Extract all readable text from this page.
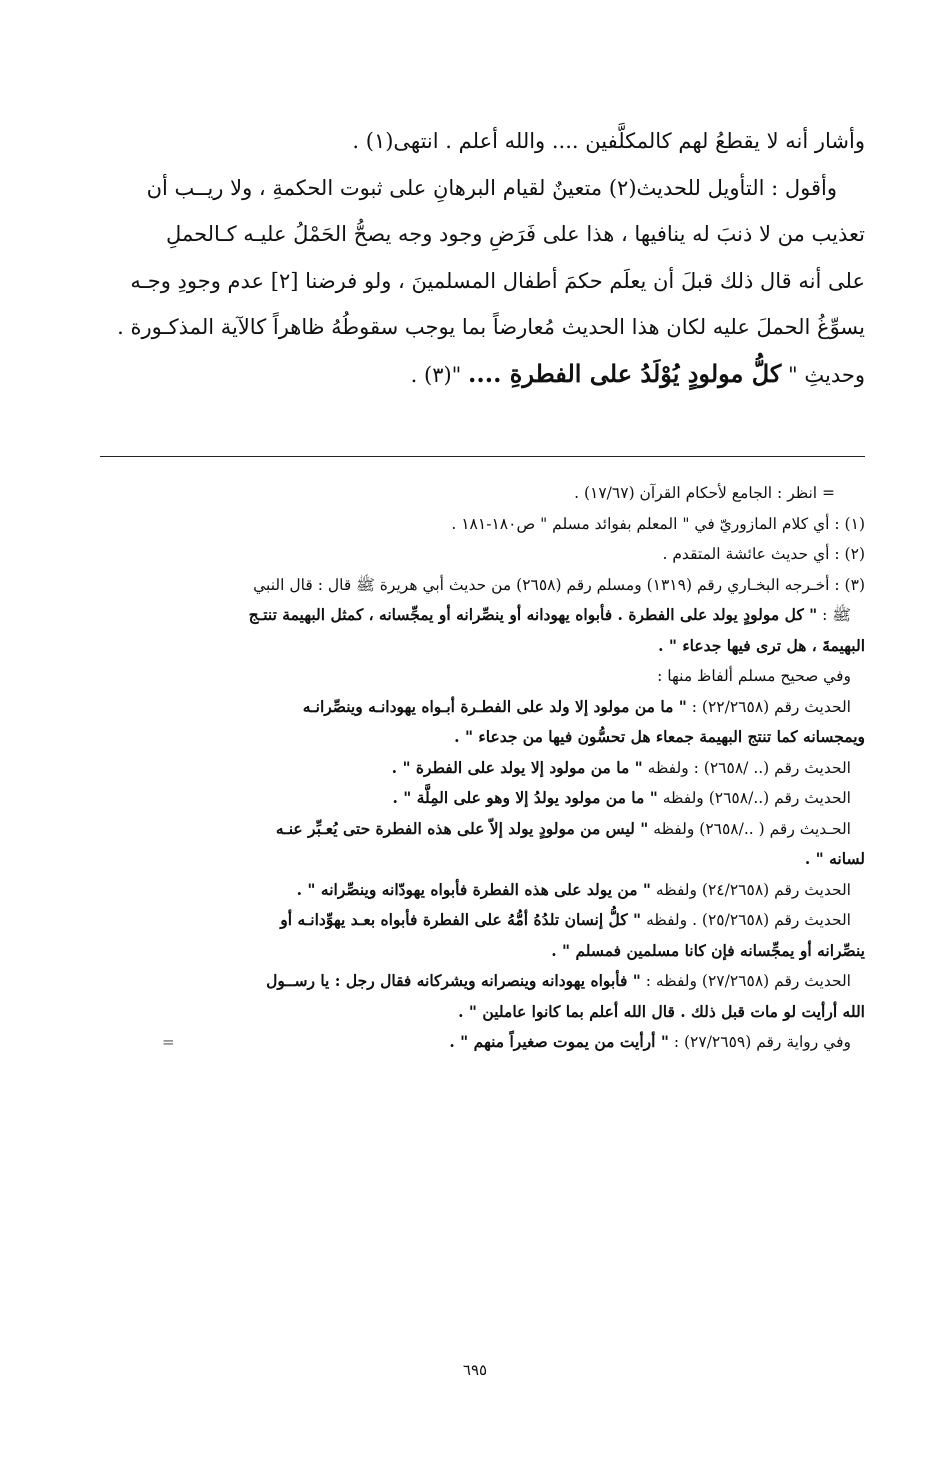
وأشار أنه لا يقطعُ لهم كالمكلَّفين .... والله أعلم . انتهى(١) .
وأقول : التأويل للحديث(٢) متعينٌ لقيام البرهانِ على ثبوت الحكمةِ ، ولا ريــب أن
تعذيب من لا ذنبَ له ينافيها ، هذا على فَرَضِ وجود وجه يصحُّ الحَمْلُ عليـه كـالحملِ
على أنه قال ذلك قبلَ أن يعلَم حكمَ أطفال المسلمينَ ، ولو فرضنا [٢] عدم وجودِ وجـه
يسوِّغُ الحملَ عليه لكان هذا الحديث مُعارضاً بما يوجب سقوطُهُ ظاهراً كالآية المذكـورة .
وحديثِ " كلُّ مولودٍ يُوْلَدُ على الفطرةِ .... "(٣) .
= انظر : الجامع لأحكام القرآن (١٧/٦٧) .
(١) : أي كلام المازوريّ في " المعلم بفوائد مسلم " ص١٨٠-١٨١ .
(٢) : أي حديث عائشة المتقدم .
(٣) : أخـرجه البخـاري رقم (١٣١٩) ومسلم رقم (٢٦٥٨) من حديث أبي هريرة ﷺ قال : قال النبي
ﷺ : " كل مولودٍ يولد على الفطرة . فأبواه يهودانه أو ينصِّرانه أو يمجِّسانه ، كمثل البهيمة تنتـج
البهيمةَ ، هل ترى فيها جدعاء " .
وفي صحيح مسلم ألفاظ منها :
الحديث رقم (٢٢/٢٦٥٨) : " ما من مولود إلا ولد على الفطـرة أبـواه يهودانـه وينصِّرانـه
ويمجسانه كما تنتج البهيمة جمعاء هل تحسُّون فيها من جدعاء " .
الحديث رقم (.. /٢٦٥٨) : ولفظه " ما من مولود إلا يولد على الفطرة " .
الحديث رقم (../٢٦٥٨) ولفظه " ما من مولود يولدُ إلا وهو على المِلَّة " .
الحـديث رقم ( ../٢٦٥٨) ولفظه " ليس من مولودٍ يولد إلاّ على هذه الفطرة حتى يُعـبِّر عنـه
لسانه " .
الحديث رقم (٢٤/٢٦٥٨) ولفظه " من يولد على هذه الفطرة فأبواه يهودّانه وينصِّرانه " .
الحديث رقم (٢٥/٢٦٥٨) . ولفظه " كلُّ إنسان تلدُهُ أمُّهُ على الفطرة فأبواه بعـد يهوِّدانـه أو
ينصِّرانه أو يمجِّسانه فإن كانا مسلمين فمسلم " .
الحديث رقم (٢٧/٢٦٥٨) ولفظه : " فأبواه يهودانه وينصرانه ويشركانه فقال رجل : يا رســول
الله أرأيت لو مات قبل ذلك . قال الله أعلم بما كانوا عاملين " .
وفي رواية رقم (٢٧/٢٦٥٩) : " أرأيت من يموت صغيراً منهم " .
=
٦٩٥
